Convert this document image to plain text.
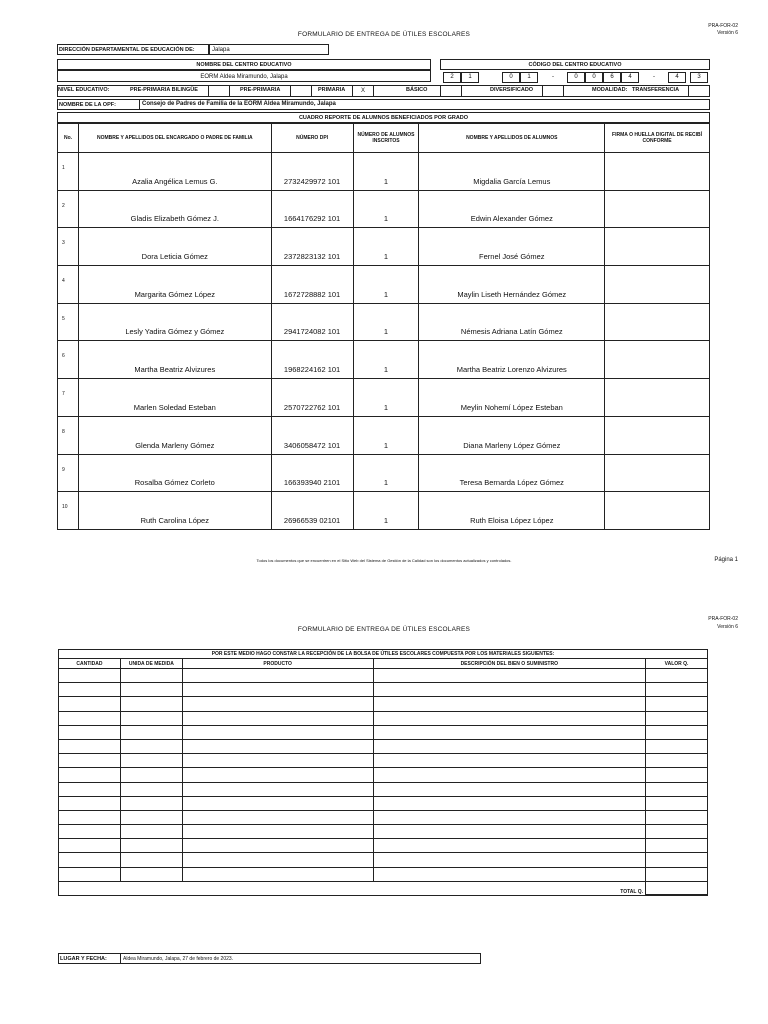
PRA-FOR-02
Versión 6
FORMULARIO DE ENTREGA DE ÚTILES ESCOLARES
DIRECCIÓN DEPARTAMENTAL DE EDUCACIÓN DE:	Jalapa
NOMBRE DEL CENTRO EDUCATIVO
EORM Aldea Miramundo, Jalapa
CÓDIGO DEL CENTRO EDUCATIVO
2	1	0	1	0	0	6	4	4	3
-	-
NIVEL EDUCATIVO:	PRE-PRIMARIA BILINGÜE	PRE-PRIMARIA	PRIMARIA	X	BÁSICO	DIVERSIFICADO	MODALIDAD: TRANSFERENCIA
NOMBRE DE LA OPF:	Consejo de Padres de Familia de la EORM Aldea Miramundo, Jalapa
CUADRO REPORTE DE ALUMNOS BENEFICIADOS POR GRADO
No.	NOMBRE Y APELLIDOS DEL ENCARGADO O PADRE DE FAMILIA	NÚMERO DPI	NÚMERO DE ALUMNOS INSCRITOS	NOMBRE Y APELLIDOS DE ALUMNOS	FIRMA O HUELLA DIGITAL DE RECIBÍ CONFORME
1	Azalia Angélica Lemus G.	2732429972 101	1	Migdalia García Lemus	
2	Gladis Elizabeth Gómez J.	1664176292 101	1	Edwin Alexander Gómez	
3	Dora Leticia Gómez	2372823132 101	1	Fernel José Gómez	
4	Margarita Gómez López	1672728882 101	1	Maylin Liseth Hernández Gómez	
5	Lesly Yadira Gómez y Gómez	2941724082 101	1	Némesis Adriana Latín Gómez	
6	Martha Beatriz Alvizures	1968224162 101	1	Martha Beatriz Lorenzo Alvizures	
7	Marlen Soledad Esteban	2570722762 101	1	Meylin Nohemí López Esteban	
8	Glenda Marleny Gómez	3406058472 101	1	Diana Marleny López Gómez	
9	Rosalba Gómez Corleto	166393940 2101	1	Teresa Bernarda López Gómez	
10	Ruth Carolina López	26966539 02101	1	Ruth Eloisa López López	
Todos los documentos que se encuentren en el Sitio Web del Sistema de Gestión de la Calidad son los documentos actualizados y controlados.	Página 1
PRA-FOR-02
Versión 6
FORMULARIO DE ENTREGA DE ÚTILES ESCOLARES
POR ESTE MEDIO HAGO CONSTAR LA RECEPCIÓN DE LA BOLSA DE ÚTILES ESCOLARES COMPUESTA POR LOS MATERIALES SIGUIENTES:				
CANTIDAD	UNIDA DE MEDIDA	PRODUCTO	DESCRIPCIÓN DEL BIEN O SUMINISTRO	VALOR Q.

TOTAL Q.				
LUGAR Y FECHA:	Aldea Miramundo, Jalapa, 27 de febrero de 2023.
